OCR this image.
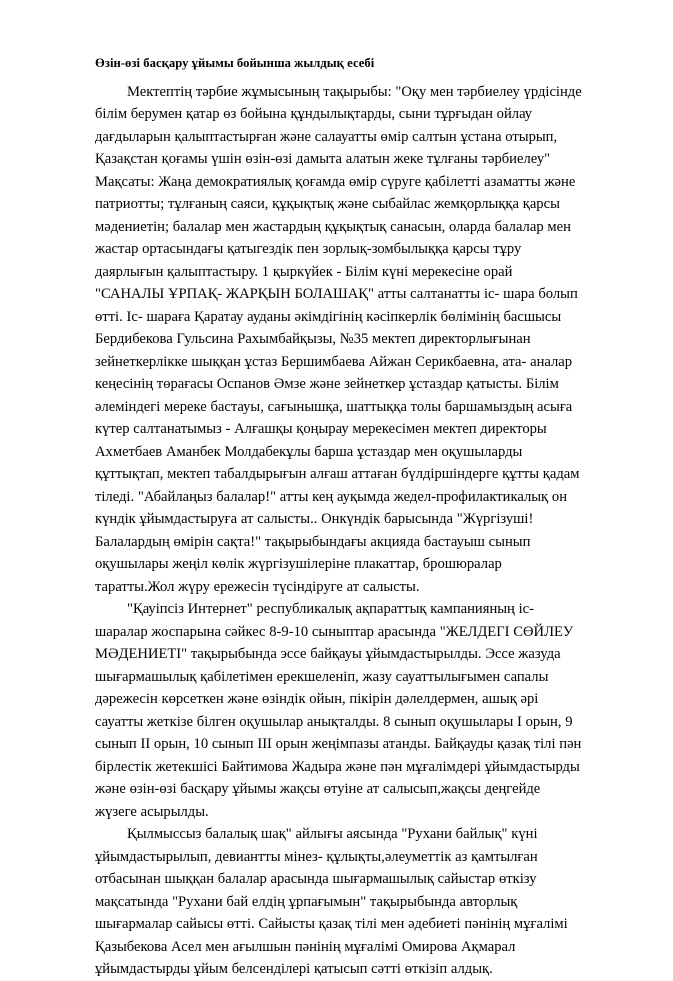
Өзін-өзі басқару ұйымы бойынша жылдық есебі

Мектептің тәрбие жұмысының тақырыбы: "Оқу мен тәрбиелеу үрдісінде білім берумен қатар өз бойына құндылықтарды, сыни тұрғыдан ойлау дағдыларын қалыптастырған және салауатты өмір салтын ұстана отырып, Қазақстан қоғамы үшін өзін-өзі дамыта алатын жеке тұлғаны тәрбиелеу" Мақсаты: Жаңа демократиялық қоғамда өмір сүруге қабілетті азаматты және патриотты; тұлғаның саяси, құқықтық және сыбайлас жемқорлыққа қарсы мәдениетін; балалар мен жастардың құқықтық санасын, оларда балалар мен жастар ортасындағы қатыгездік пен зорлық-зомбылыққа қарсы тұру даярлығын қалыптастыру. 1 қыркүйек - Білім күні мерекесіне орай "САНАЛЫ ҰРПАҚ- ЖАРҚЫН БОЛАШАҚ" атты салтанатты іс- шара болып өтті. Іс- шараға Қаратау ауданы әкімдігінің кәсіпкерлік бөлімінің басшысы Бердибекова Гульсина Рахымбайқызы, №35 мектеп директорлығынан зейнеткерлікке шыққан ұстаз Бершимбаева Айжан Серикбаевна, ата- аналар кеңесінің төрағасы Оспанов Әмзе және зейнеткер ұстаздар қатысты. Білім әлеміндегі мереке бастауы, сағынышқа, шаттыққа толы баршамыздың асыға күтер салтанатымыз - Алғашқы қоңырау мерекесімен мектеп директоры Ахметбаев Аманбек Молдабекұлы барша ұстаздар мен оқушыларды құттықтап, мектеп табалдырығын алғаш аттаған бүлдіршіндерге құтты қадам тіледі. "Абайлаңыз балалар!" атты кең ауқымда жедел-профилактикалық он күндік ұйымдастыруға ат салысты.. Онкүндік барысында "Жүргізуші! Балалардың өмірін сақта!" тақырыбындағы акцияда бастауыш сынып оқушылары жеңіл көлік жүргізушілеріне плакаттар, брошюралар таратты.Жол жүру ережесін түсіндіруге ат салысты.

"Қауіпсіз Интернет" республикалық ақпараттық кампанияның іс- шаралар жоспарына сәйкес 8-9-10 сыныптар арасында "ЖЕЛДЕГІ СӨЙЛЕУ МӘДЕНИЕТІ" тақырыбында эссе байқауы ұйымдастырылды. Эссе жазуда шығармашылық қабілетімен ерекшеленіп, жазу сауаттылығымен сапалы дәрежесін көрсеткен және өзіндік ойын, пікірін дәлелдермен, ашық әрі сауатты жеткізе білген оқушылар анықталды. 8 сынып оқушылары І орын, 9 сынып ІІ орын, 10 сынып ІІІ орын жеңімпазы атанды. Байқауды қазақ тілі пән бірлестік жетекшісі Байтимова Жадыра және пән мұғалімдері ұйымдастырды және өзін-өзі басқару ұйымы жақсы өтуіне ат салысып,жақсы деңгейде жүзеге асырылды.

Қылмыссыз балалық шақ" айлығы аясында "Рухани байлық" күні ұйымдастырылып, девиантты мінез- құлықты,әлеуметтік аз қамтылған отбасынан шыққан балалар арасында шығармашылық сайыстар өткізу мақсатында "Рухани бай елдің ұрпағымын" тақырыбында авторлық шығармалар сайысы өтті. Сайысты қазақ тілі мен әдебиеті пәнінің мұғалімі Қазыбекова Асел мен ағылшын пәнінің мұғалімі Омирова Ақмарал ұйымдастырды ұйым белсенділері қатысып сәтті өткізіп алдық.
